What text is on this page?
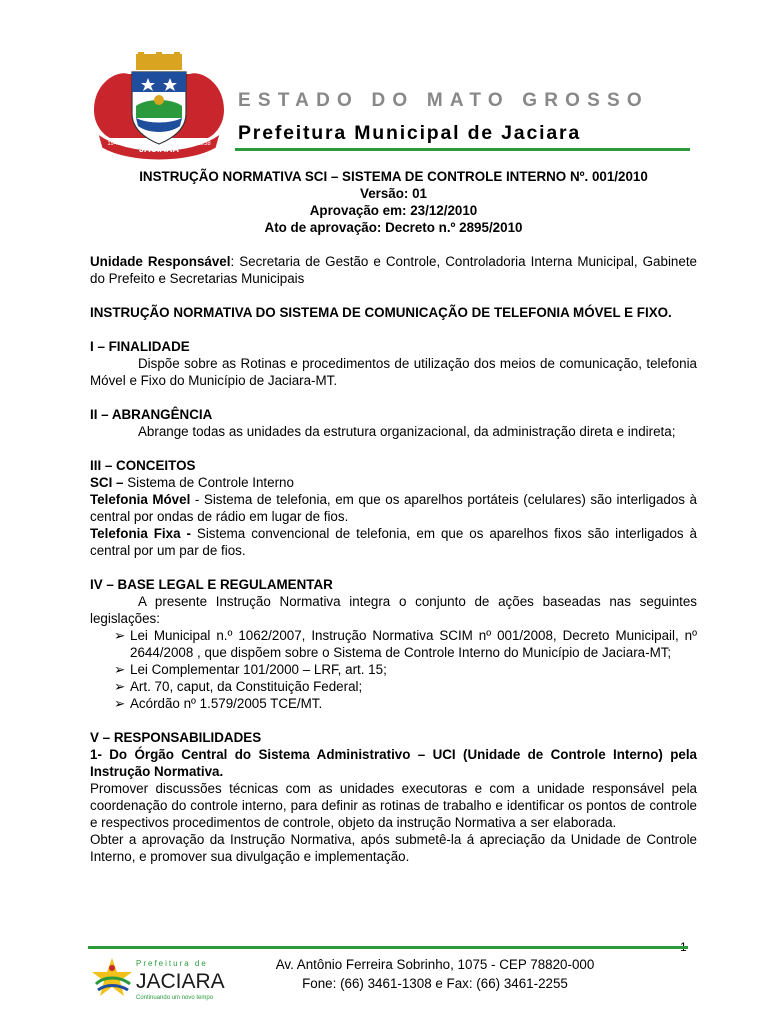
JACIARA
1948	1958
ESTADO DO MATO GROSSO
Prefeitura Municipal de Jaciara

INSTRUÇÃO NORMATIVA SCI – SISTEMA DE CONTROLE INTERNO Nº. 001/2010

Versão: 01

Aprovação em: 23/12/2010

Ato de aprovação: Decreto n.º 2895/2010

Unidade Responsável: Secretaria de Gestão e Controle, Controladoria Interna Municipal, Gabinete do Prefeito e Secretarias Municipais

INSTRUÇÃO NORMATIVA DO SISTEMA DE COMUNICAÇÃO DE TELEFONIA MÓVEL E FIXO.

I – FINALIDADE

Dispõe sobre as Rotinas e procedimentos de utilização dos meios de comunicação, telefonia Móvel e Fixo do Município de Jaciara-MT.

II – ABRANGÊNCIA

Abrange todas as unidades da estrutura organizacional, da administração direta e indireta;

III – CONCEITOS

SCI – Sistema de Controle Interno

Telefonia Móvel - Sistema de telefonia, em que os aparelhos portáteis (celulares) são interligados à central por ondas de rádio em lugar de fios.

Telefonia Fixa - Sistema convencional de telefonia, em que os aparelhos fixos são interligados à central por um par de fios.

IV – BASE LEGAL E REGULAMENTAR

A presente Instrução Normativa integra o conjunto de ações baseadas nas seguintes legislações:

➢ Lei Municipal n.º 1062/2007, Instrução Normativa SCIM nº 001/2008, Decreto Municipail, nº 2644/2008 , que dispõem sobre o Sistema de Controle Interno do Município de Jaciara-MT;
➢ Lei Complementar 101/2000 – LRF, art. 15;
➢ Art. 70, caput, da Constituição Federal;
➢ Acórdão nº 1.579/2005 TCE/MT.

V – RESPONSABILIDADES

1- Do Órgão Central do Sistema Administrativo – UCI (Unidade de Controle Interno) pela Instrução Normativa.

Promover discussões técnicas com as unidades executoras e com a unidade responsável pela coordenação do controle interno, para definir as rotinas de trabalho e identificar os pontos de controle e respectivos procedimentos de controle, objeto da instrução Normativa a ser elaborada.

Obter a aprovação da Instrução Normativa, após submetê-la á apreciação da Unidade de Controle Interno, e promover sua divulgação e implementação.

Prefeitura de
JACIARA
Continuando um novo tempo
Av. Antônio Ferreira Sobrinho, 1075 - CEP 78820-000
Fone: (66) 3461-1308 e Fax: (66) 3461-2255
